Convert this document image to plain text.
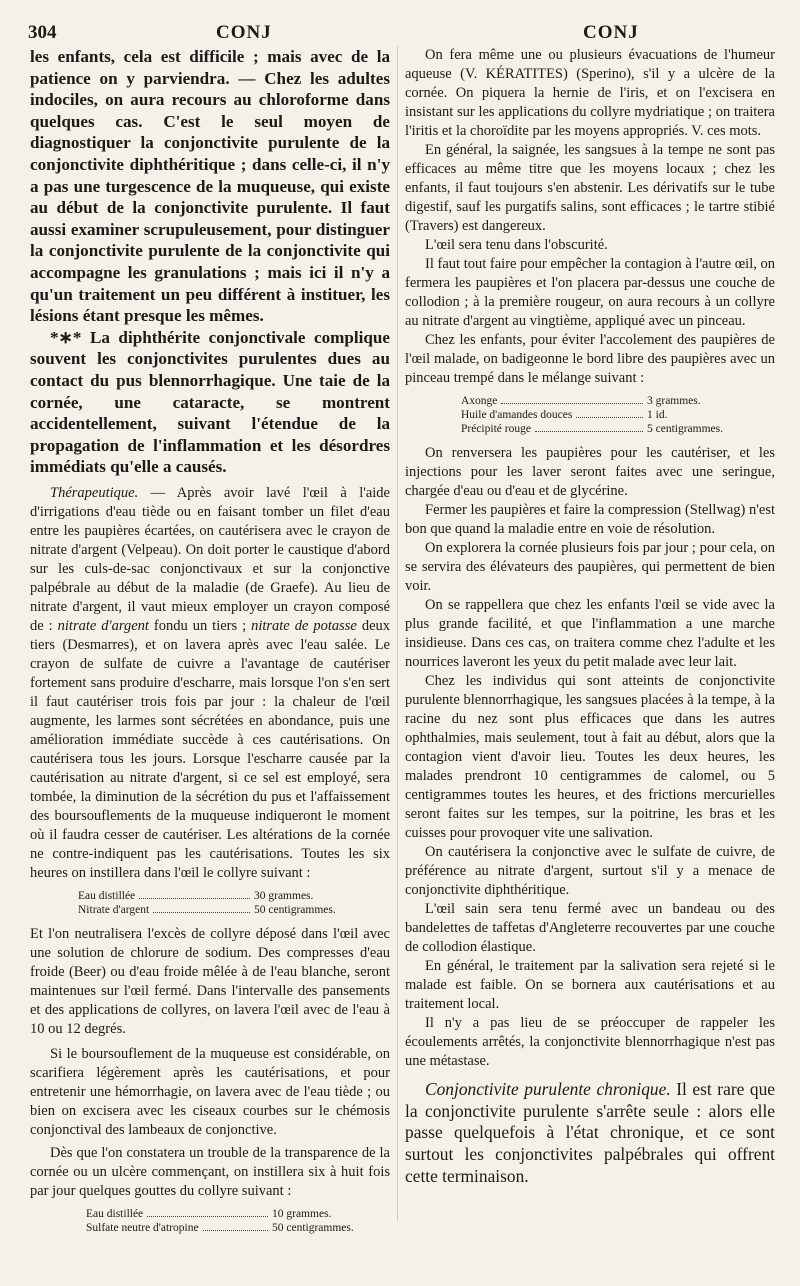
304	CONJ	CONJ

les enfants, cela est difficile ; mais avec de la patience on y parviendra. — Chez les adultes indociles, on aura recours au chloroforme dans quelques cas. C'est le seul moyen de diagnostiquer la conjonctivite purulente de la conjonctivite diphthéritique ; dans celle-ci, il n'y a pas une turgescence de la muqueuse, qui existe au début de la conjonctivite purulente. Il faut aussi examiner scrupuleusement, pour distinguer la conjonctivite purulente de la conjonctivite qui accompagne les granulations ; mais ici il n'y a qu'un traitement un peu différent à instituer, les lésions étant presque les mêmes.

*∗* La diphthérite conjonctivale complique souvent les conjonctivites purulentes dues au contact du pus blennorrhagique. Une taie de la cornée, une cataracte, se montrent accidentellement, suivant l'étendue de la propagation de l'inflammation et les désordres immédiats qu'elle a causés.

Thérapeutique. — Après avoir lavé l'œil à l'aide d'irrigations d'eau tiède ou en faisant tomber un filet d'eau entre les paupières écartées, on cautérisera avec le crayon de nitrate d'argent (Velpeau). On doit porter le caustique d'abord sur les culs-de-sac conjonctivaux et sur la conjonctive palpébrale au début de la maladie (de Graefe). Au lieu de nitrate d'argent, il vaut mieux employer un crayon composé de : nitrate d'argent fondu un tiers ; nitrate de potasse deux tiers (Desmarres), et on lavera après avec l'eau salée. Le crayon de sulfate de cuivre a l'avantage de cautériser fortement sans produire d'escharre, mais lorsque l'on s'en sert il faut cautériser trois fois par jour : la chaleur de l'œil augmente, les larmes sont sécrétées en abondance, puis une amélioration immédiate succède à ces cautérisations. On cautérisera tous les jours. Lorsque l'escharre causée par la cautérisation au nitrate d'argent, si ce sel est employé, sera tombée, la diminution de la sécrétion du pus et l'affaissement des boursouflements de la muqueuse indiqueront le moment où il faudra cesser de cautériser. Les altérations de la cornée ne contre-indiquent pas les cautérisations. Toutes les six heures on instillera dans l'œil le collyre suivant :

Eau distillée	30 grammes.
Nitrate d'argent	50 centigrammes.

Et l'on neutralisera l'excès de collyre déposé dans l'œil avec une solution de chlorure de sodium. Des compresses d'eau froide (Beer) ou d'eau froide mêlée à de l'eau blanche, seront maintenues sur l'œil fermé. Dans l'intervalle des pansements et des applications de collyres, on lavera l'œil avec de l'eau à 10 ou 12 degrés.

Si le boursouflement de la muqueuse est considérable, on scarifiera légèrement après les cautérisations, et pour entretenir une hémorrhagie, on lavera avec de l'eau tiède ; ou bien on excisera avec les ciseaux courbes sur le chémosis conjonctival des lambeaux de conjonctive.

Dès que l'on constatera un trouble de la transparence de la cornée ou un ulcère commençant, on instillera six à huit fois par jour quelques gouttes du collyre suivant :

Eau distillée	10 grammes.
Sulfate neutre d'atropine	50 centigrammes.

On fera même une ou plusieurs évacuations de l'humeur aqueuse (V. KÉRATITES) (Sperino), s'il y a ulcère de la cornée. On piquera la hernie de l'iris, et on l'excisera en insistant sur les applications du collyre mydriatique ; on traitera l'iritis et la choroïdite par les moyens appropriés. V. ces mots.

En général, la saignée, les sangsues à la tempe ne sont pas efficaces au même titre que les moyens locaux ; chez les enfants, il faut toujours s'en abstenir. Les dérivatifs sur le tube digestif, sauf les purgatifs salins, sont efficaces ; le tartre stibié (Travers) est dangereux.

L'œil sera tenu dans l'obscurité.

Il faut tout faire pour empêcher la contagion à l'autre œil, on fermera les paupières et l'on placera par-dessus une couche de collodion ; à la première rougeur, on aura recours à un collyre au nitrate d'argent au vingtième, appliqué avec un pinceau.

Chez les enfants, pour éviter l'accolement des paupières de l'œil malade, on badigeonne le bord libre des paupières avec un pinceau trempé dans le mélange suivant :

Axonge	3 grammes.
Huile d'amandes douces	1 id.
Précipité rouge	5 centigrammes.

On renversera les paupières pour les cautériser, et les injections pour les laver seront faites avec une seringue, chargée d'eau ou d'eau et de glycérine.

Fermer les paupières et faire la compression (Stellwag) n'est bon que quand la maladie entre en voie de résolution.

On explorera la cornée plusieurs fois par jour ; pour cela, on se servira des élévateurs des paupières, qui permettent de bien voir.

On se rappellera que chez les enfants l'œil se vide avec la plus grande facilité, et que l'inflammation a une marche insidieuse. Dans ces cas, on traitera comme chez l'adulte et les nourrices laveront les yeux du petit malade avec leur lait.

Chez les individus qui sont atteints de conjonctivite purulente blennorrhagique, les sangsues placées à la tempe, à la racine du nez sont plus efficaces que dans les autres ophthalmies, mais seulement, tout à fait au début, alors que la contagion vient d'avoir lieu. Toutes les deux heures, les malades prendront 10 centigrammes de calomel, ou 5 centigrammes toutes les heures, et des frictions mercurielles seront faites sur les tempes, sur la poitrine, les bras et les cuisses pour provoquer vite une salivation.

On cautérisera la conjonctive avec le sulfate de cuivre, de préférence au nitrate d'argent, surtout s'il y a menace de conjonctivite diphthéritique.

L'œil sain sera tenu fermé avec un bandeau ou des bandelettes de taffetas d'Angleterre recouvertes par une couche de collodion élastique.

En général, le traitement par la salivation sera rejeté si le malade est faible. On se bornera aux cautérisations et au traitement local.

Il n'y a pas lieu de se préoccuper de rappeler les écoulements arrêtés, la conjonctivite blennorrhagique n'est pas une métastase.

Conjonctivite purulente chronique. Il est rare que la conjonctivite purulente s'arrête seule : alors elle passe quelquefois à l'état chronique, et ce sont surtout les conjonctivites palpébrales qui offrent cette terminaison.
